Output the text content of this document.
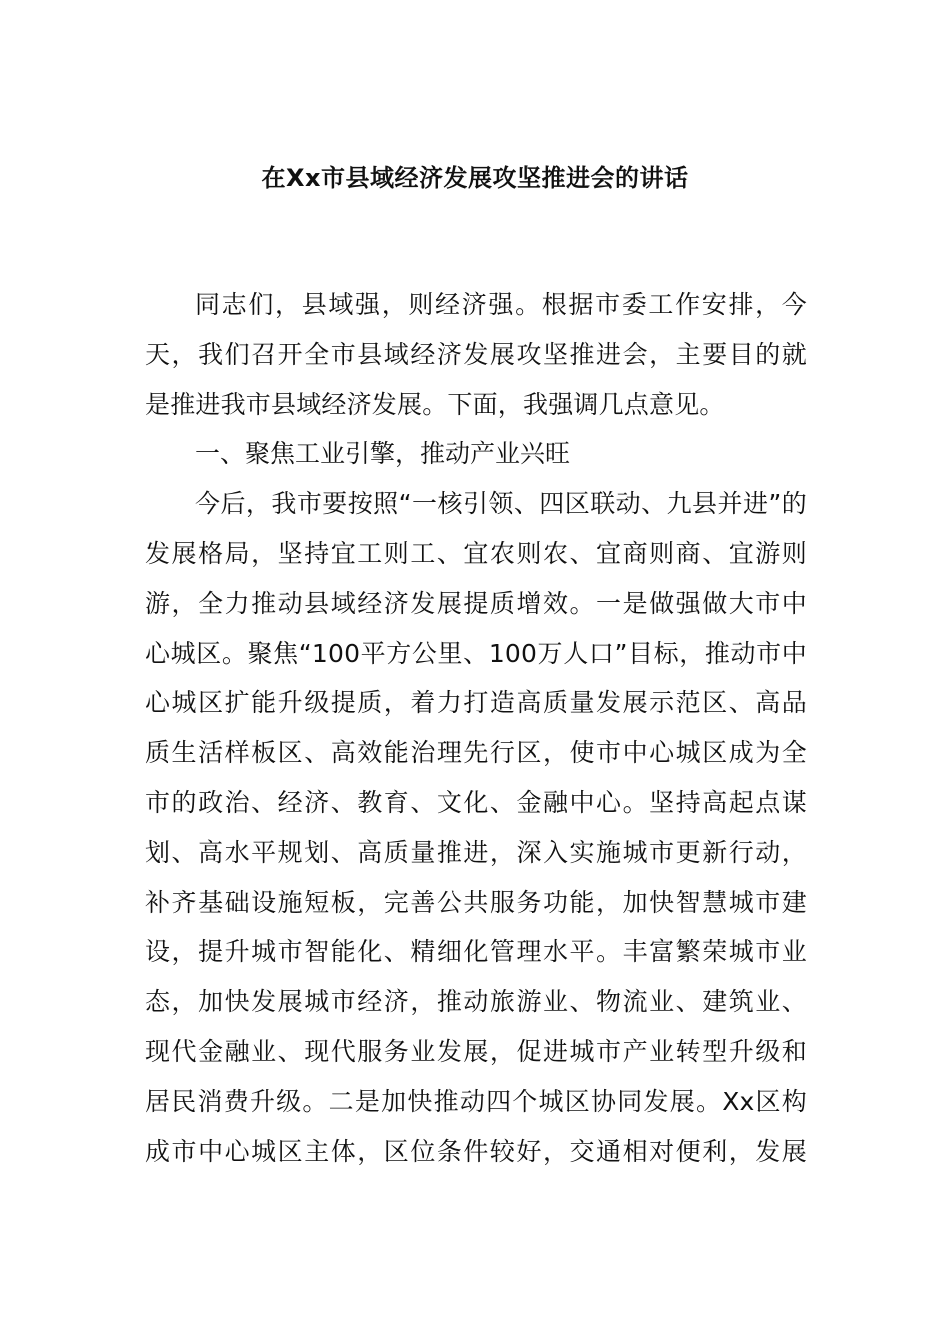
在Xx市县域经济发展攻坚推进会的讲话
同志们，县域强，则经济强。根据市委工作安排，今
天，我们召开全市县域经济发展攻坚推进会，主要目的就
是推进我市县域经济发展。下面，我强调几点意见。
一、聚焦工业引擎，推动产业兴旺
今后，我市要按照“一核引领、四区联动、九县并进”的
发展格局，坚持宜工则工、宜农则农、宜商则商、宜游则
游，全力推动县域经济发展提质增效。一是做强做大市中
心城区。聚焦“100平方公里、100万人口”目标，推动市中
心城区扩能升级提质，着力打造高质量发展示范区、高品
质生活样板区、高效能治理先行区，使市中心城区成为全
市的政治、经济、教育、文化、金融中心。坚持高起点谋
划、高水平规划、高质量推进，深入实施城市更新行动，
补齐基础设施短板，完善公共服务功能，加快智慧城市建
设，提升城市智能化、精细化管理水平。丰富繁荣城市业
态，加快发展城市经济，推动旅游业、物流业、建筑业、
现代金融业、现代服务业发展，促进城市产业转型升级和
居民消费升级。二是加快推动四个城区协同发展。Xx区构
成市中心城区主体，区位条件较好，交通相对便利，发展
